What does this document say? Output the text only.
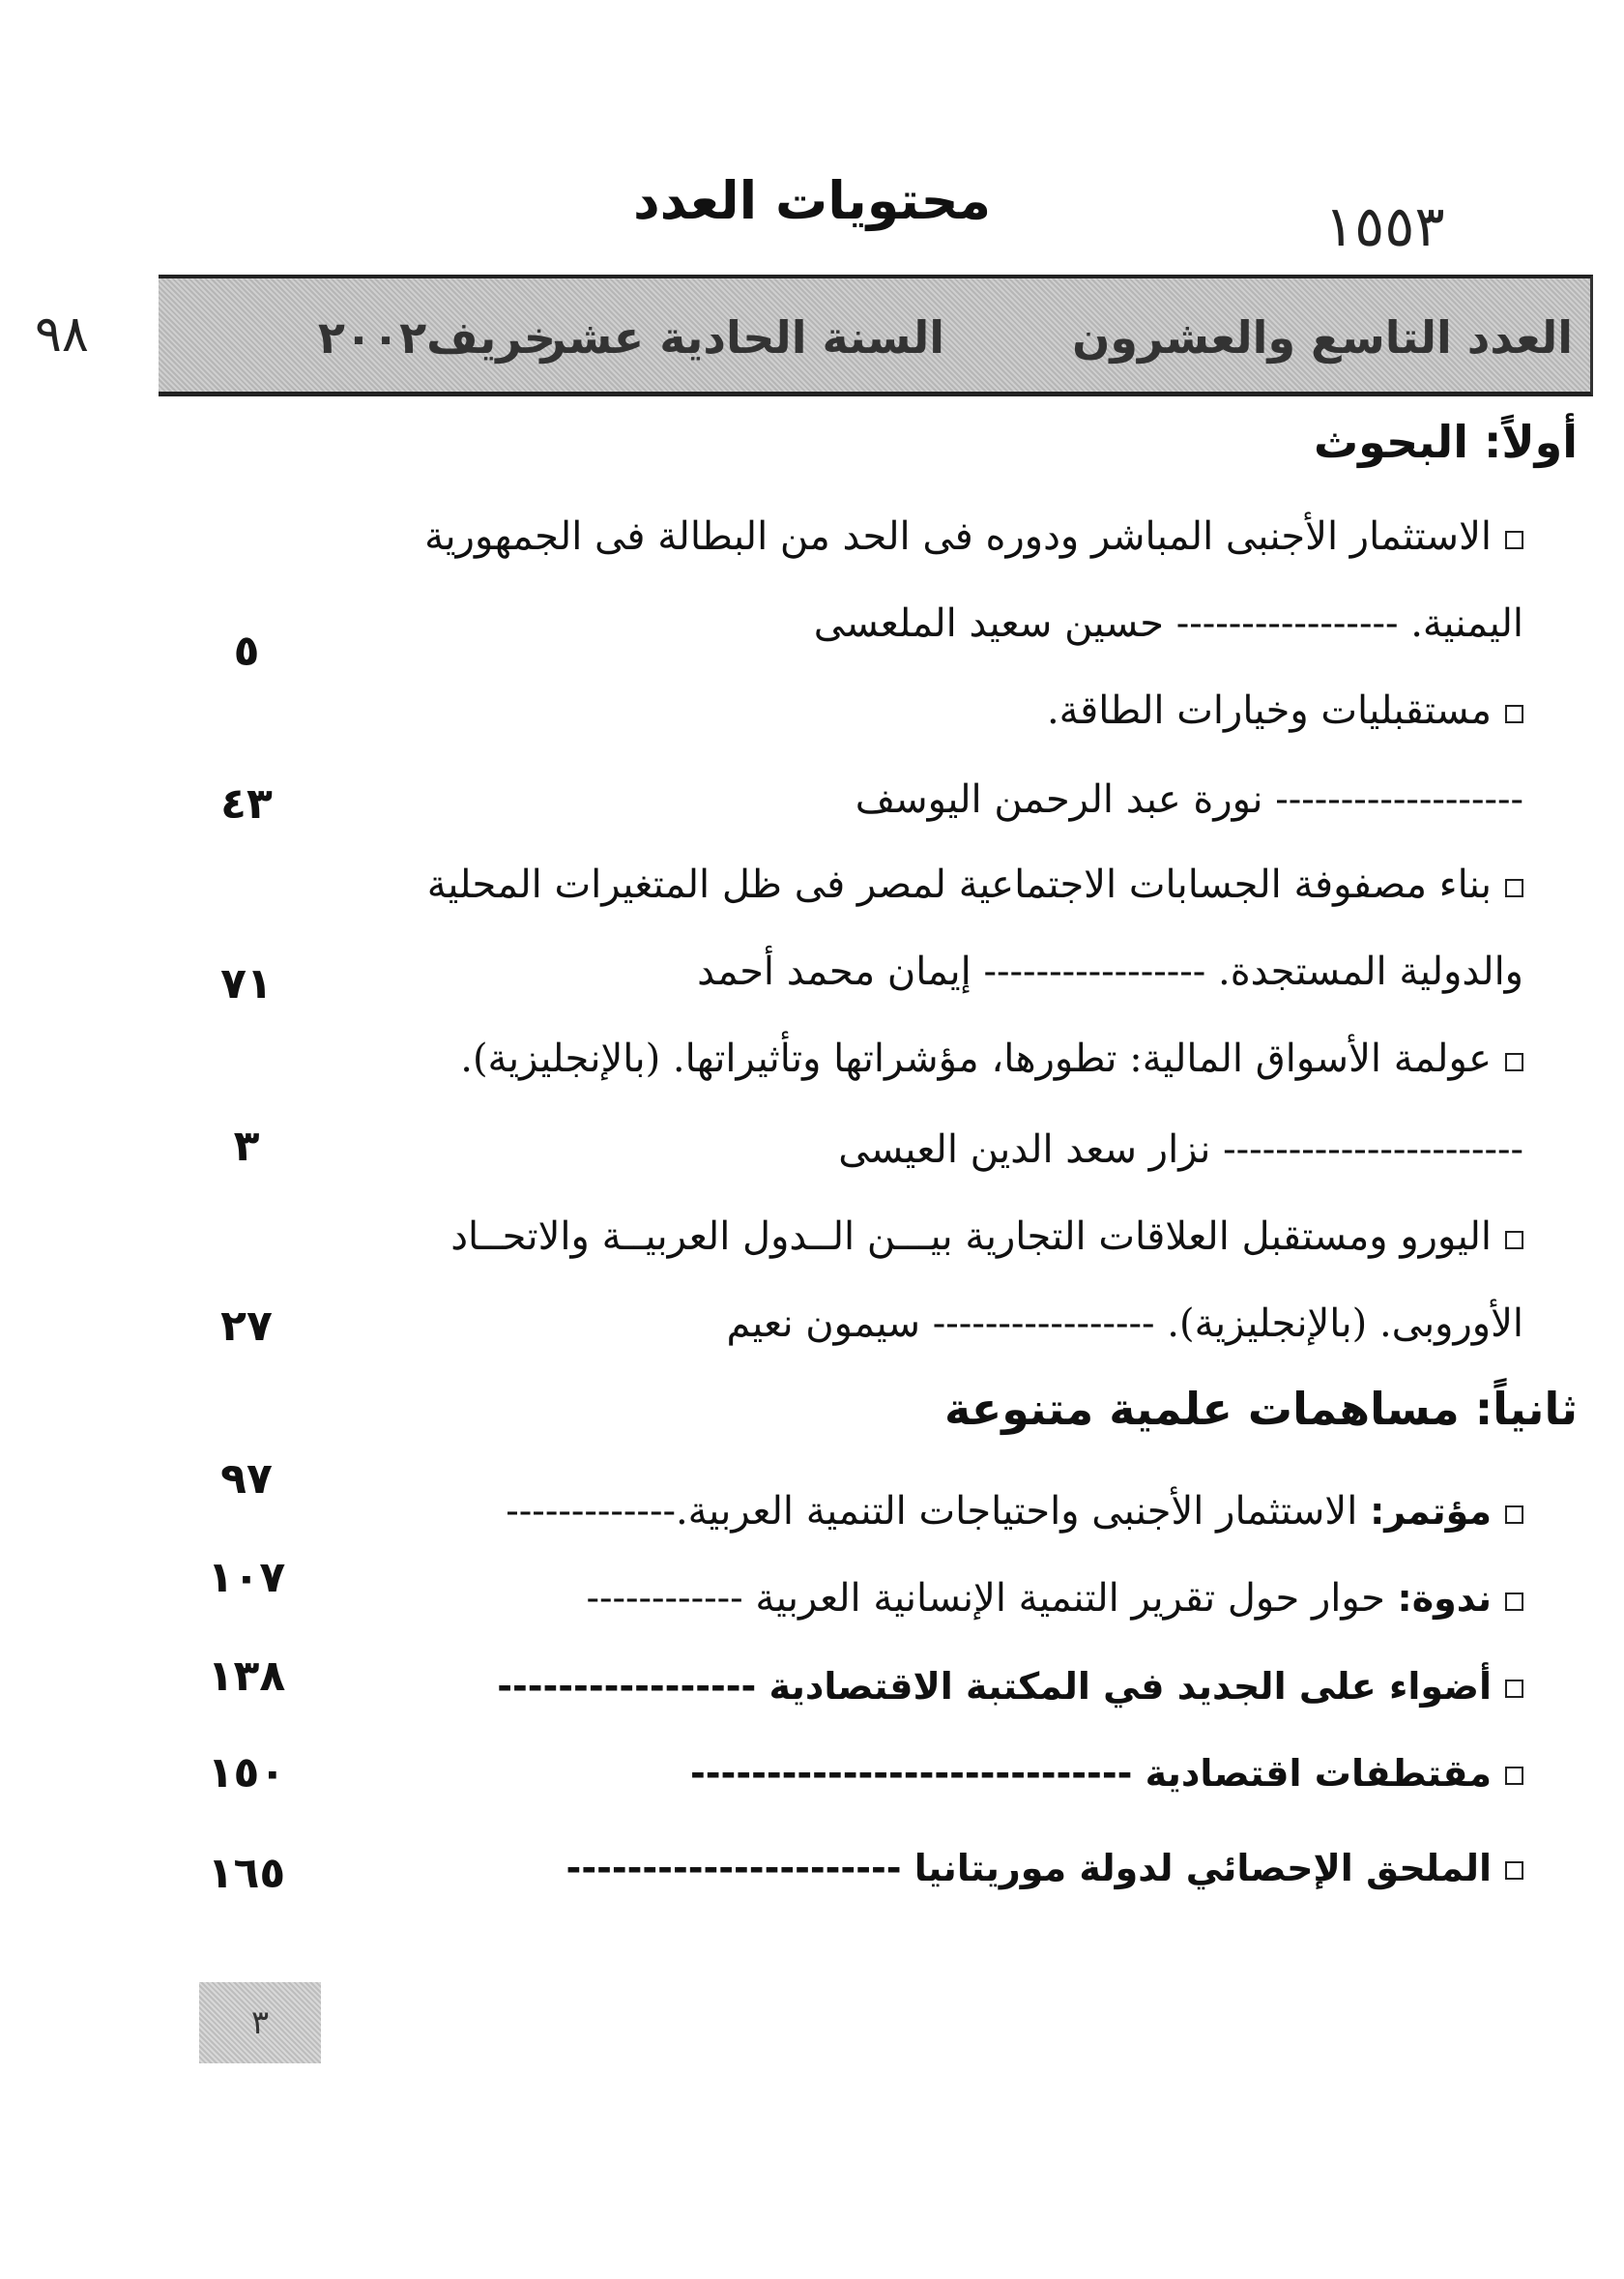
١٥٥٣
٩٨
محتويات العدد
العدد التاسع والعشرون
السنة الحادية عشر
خريف٢٠٠٢
أولاً: البحوث
الاستثمار الأجنبى المباشر ودوره فى الحد من البطالة فى الجمهورية
اليمنية. ----------------- حسين سعيد الملعسى
٥
مستقبليات وخيارات الطاقة.
------------------- نورة عبد الرحمن اليوسف
٤٣
بناء مصفوفة الجسابات الاجتماعية لمصر فى ظل المتغيرات المحلية
والدولية المستجدة. ----------------- إيمان محمد أحمد
٧١
عولمة الأسواق المالية: تطورها، مؤشراتها وتأثيراتها. (بالإنجليزية).
----------------------- نزار سعد الدين العيسى
٣
اليورو ومستقبل العلاقات التجارية بيـــن الــدول العربيــة والاتحــاد
الأوروبى. (بالإنجليزية). ----------------- سيمون نعيم
٢٧
ثانياً: مساهمات علمية متنوعة
مؤتمر: الاستثمار الأجنبى واحتياجات التنمية العربية.-------------
٩٧
ندوة: حوار حول تقرير التنمية الإنسانية العربية ------------
١٠٧
أضواء على الجديد في المكتبة الاقتصادية -----------------
١٣٨
مقتطفات اقتصادية -----------------------------
١٥٠
الملحق الإحصائي لدولة موريتانيا ----------------------
١٦٥
٣
